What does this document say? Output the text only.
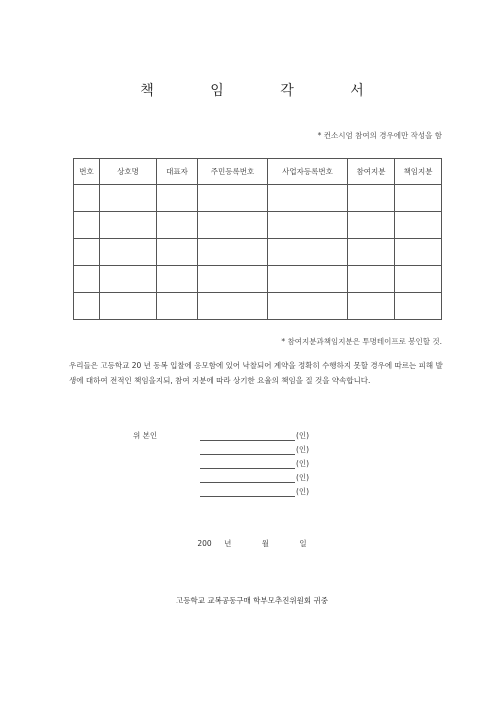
책 임 각 서
* 컨소시엄 참여의 경우에만 작성을 함
번호	상호명	대표자	주민등록번호	사업자등록번호	참여지분	책임지분

* 참여지분과책임지분은 투명테이프로 봉인할 것.
우리들은 고등학교 20 년 동복 입찰에 응모함에 있어 낙찰되어 계약을 정확히 수행하지 못할 경우에 따르는 피해 발생에 대하여 전적인 책임을지되, 참여 지분에 따라 상기한 요율의 책임을 질 것을 약속합니다.
위 본인	(인)
(인)
(인)
(인)
(인)
200 년	월	일
고등학교 교복공동구매 학부모추진위원회 귀중
